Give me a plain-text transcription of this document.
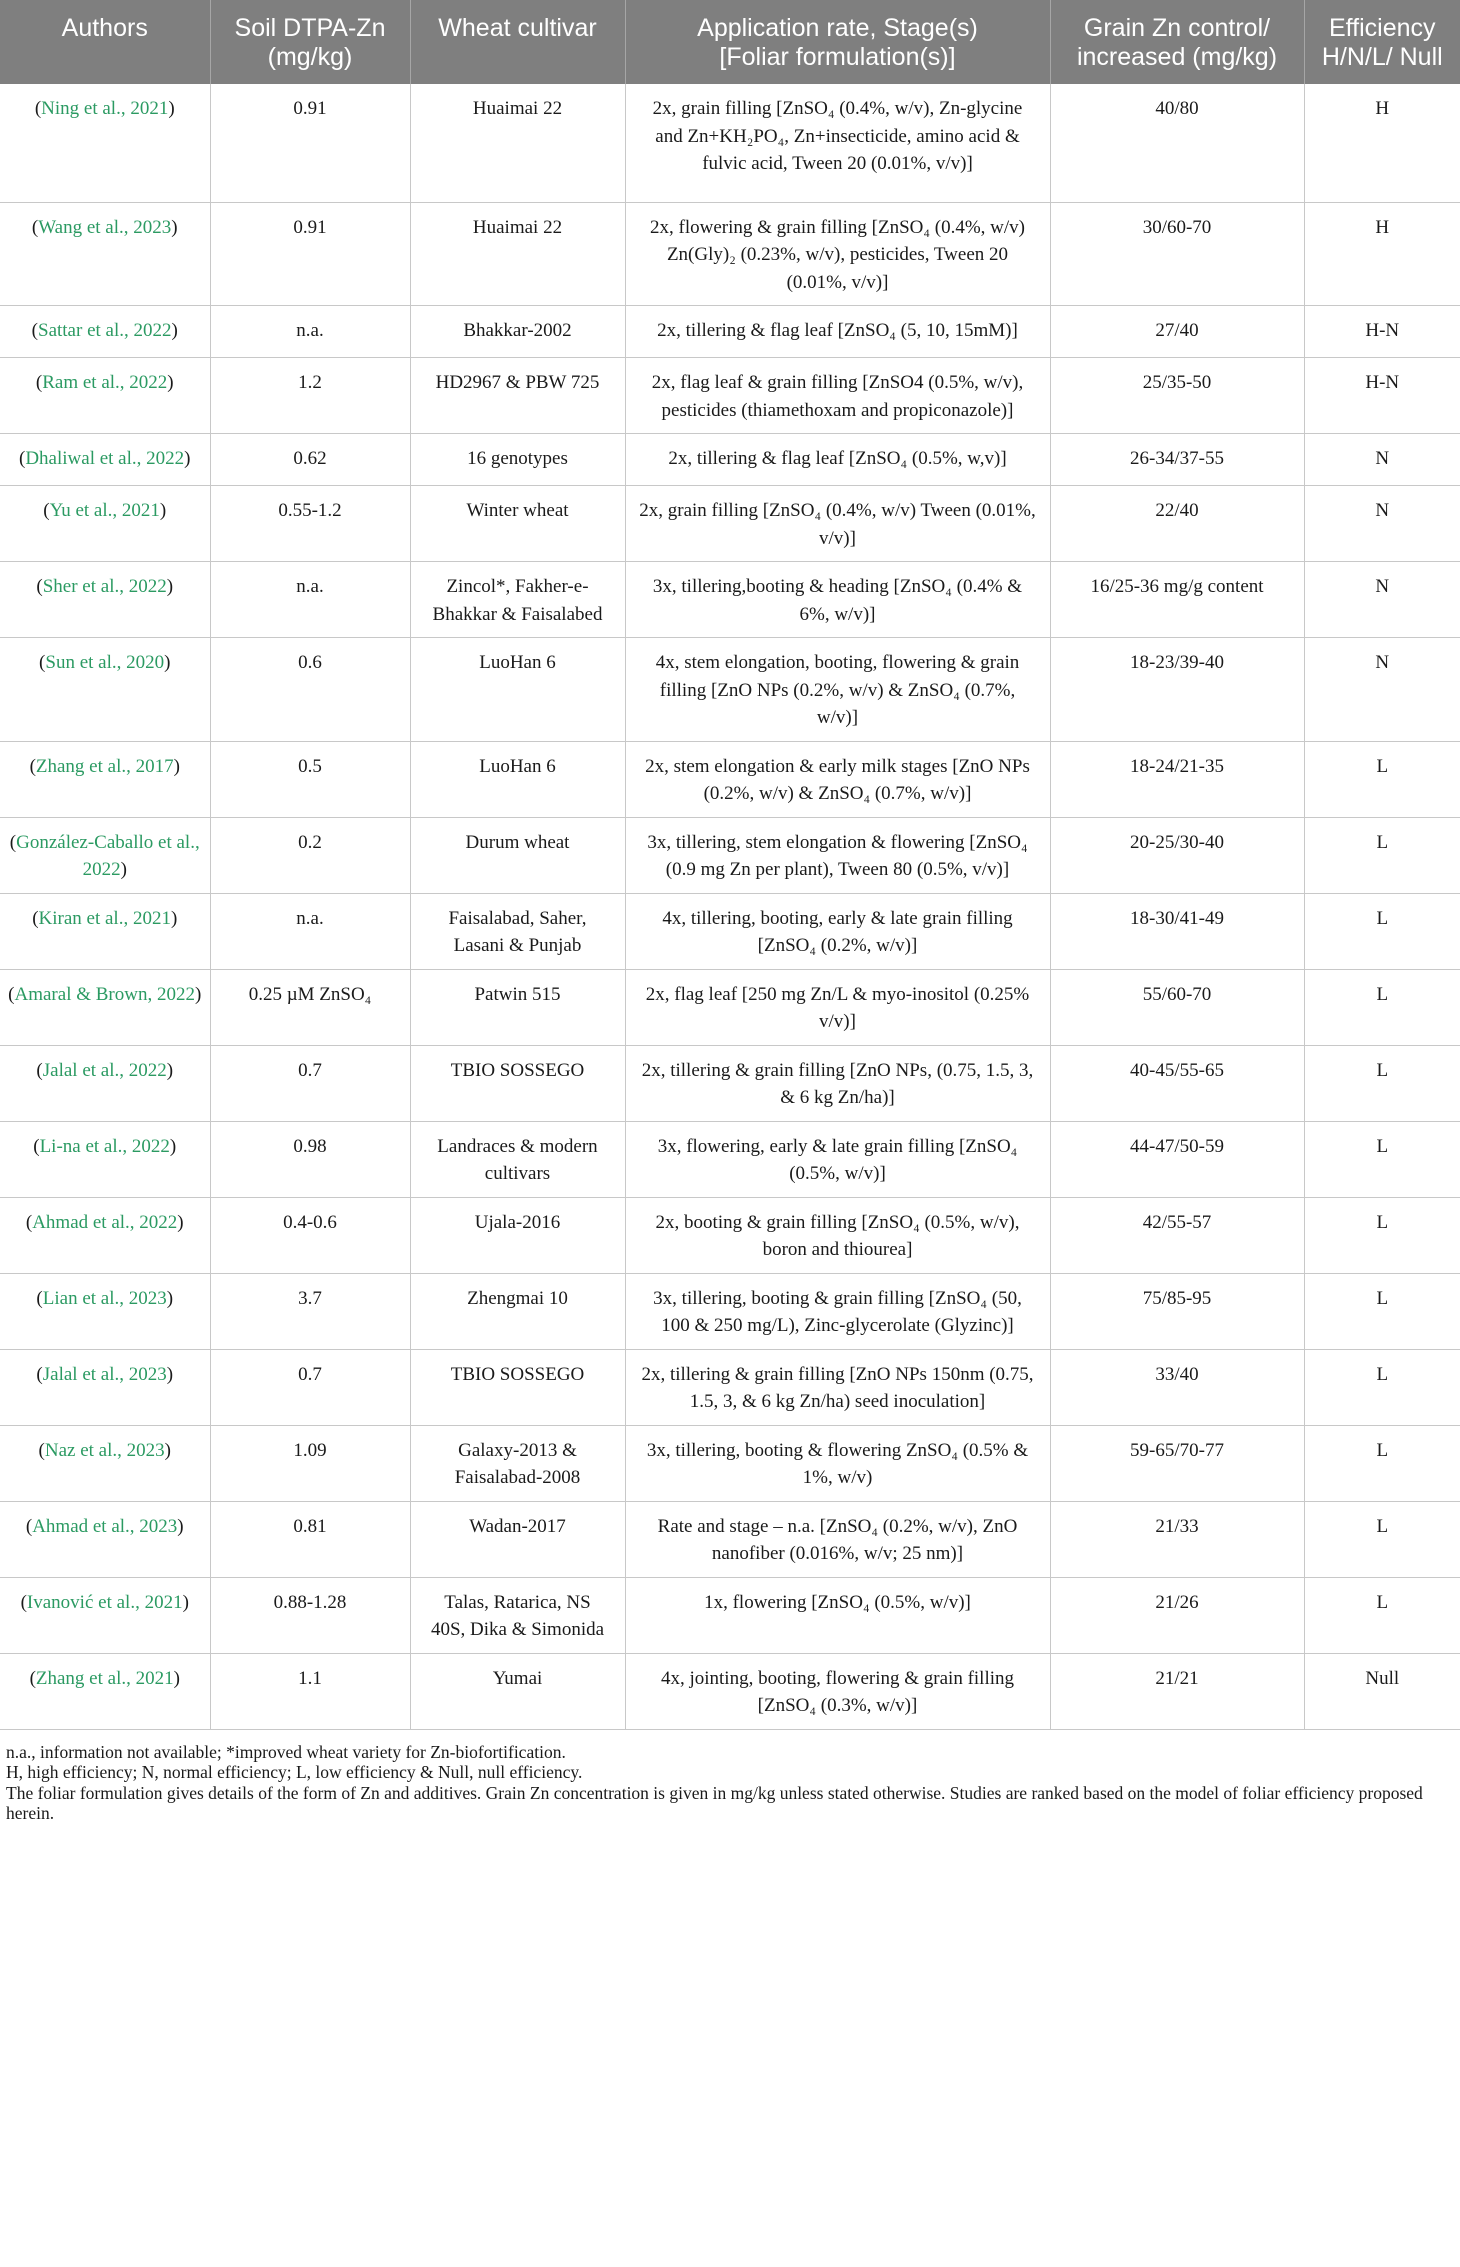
Authors	Soil DTPA-Zn (mg/kg)	Wheat cultivar	Application rate, Stage(s) [Foliar formulation(s)]	Grain Zn control/ increased (mg/kg)	Efficiency H/N/L/ Null
(Ning et al., 2021)	0.91	Huaimai 22	2x, grain filling [ZnSO₄ (0.4%, w/v), Zn-glycine and Zn+KH₂PO₄, Zn+insecticide, amino acid & fulvic acid, Tween 20 (0.01%, v/v)]	40/80	H
(Wang et al., 2023)	0.91	Huaimai 22	2x, flowering & grain filling [ZnSO₄ (0.4%, w/v) Zn(Gly)₂ (0.23%, w/v), pesticides, Tween 20 (0.01%, v/v)]	30/60-70	H
(Sattar et al., 2022)	n.a.	Bhakkar-2002	2x, tillering & flag leaf [ZnSO₄ (5, 10, 15mM)]	27/40	H-N
(Ram et al., 2022)	1.2	HD2967 & PBW 725	2x, flag leaf & grain filling [ZnSO4 (0.5%, w/v), pesticides (thiamethoxam and propiconazole)]	25/35-50	H-N
(Dhaliwal et al., 2022)	0.62	16 genotypes	2x, tillering & flag leaf [ZnSO₄ (0.5%, w,v)]	26-34/37-55	N
(Yu et al., 2021)	0.55-1.2	Winter wheat	2x, grain filling [ZnSO₄ (0.4%, w/v) Tween (0.01%, v/v)]	22/40	N
(Sher et al., 2022)	n.a.	Zincol*, Fakher-e-Bhakkar & Faisalabed	3x, tillering,booting & heading [ZnSO₄ (0.4% & 6%, w/v)]	16/25-36 mg/g content	N
(Sun et al., 2020)	0.6	LuoHan 6	4x, stem elongation, booting, flowering & grain filling [ZnO NPs (0.2%, w/v) & ZnSO₄ (0.7%, w/v)]	18-23/39-40	N
(Zhang et al., 2017)	0.5	LuoHan 6	2x, stem elongation & early milk stages [ZnO NPs (0.2%, w/v) & ZnSO₄ (0.7%, w/v)]	18-24/21-35	L
(González-Caballo et al., 2022)	0.2	Durum wheat	3x, tillering, stem elongation & flowering [ZnSO₄ (0.9 mg Zn per plant), Tween 80 (0.5%, v/v)]	20-25/30-40	L
(Kiran et al., 2021)	n.a.	Faisalabad, Saher, Lasani & Punjab	4x, tillering, booting, early & late grain filling [ZnSO₄ (0.2%, w/v)]	18-30/41-49	L
(Amaral & Brown, 2022)	0.25 µM ZnSO₄	Patwin 515	2x, flag leaf [250 mg Zn/L & myo-inositol (0.25% v/v)]	55/60-70	L
(Jalal et al., 2022)	0.7	TBIO SOSSEGO	2x, tillering & grain filling [ZnO NPs, (0.75, 1.5, 3, & 6 kg Zn/ha)]	40-45/55-65	L
(Li-na et al., 2022)	0.98	Landraces & modern cultivars	3x, flowering, early & late grain filling [ZnSO₄ (0.5%, w/v)]	44-47/50-59	L
(Ahmad et al., 2022)	0.4-0.6	Ujala-2016	2x, booting & grain filling [ZnSO₄ (0.5%, w/v), boron and thiourea]	42/55-57	L
(Lian et al., 2023)	3.7	Zhengmai 10	3x, tillering, booting & grain filling [ZnSO₄ (50, 100 & 250 mg/L), Zinc-glycerolate (Glyzinc)]	75/85-95	L
(Jalal et al., 2023)	0.7	TBIO SOSSEGO	2x, tillering & grain filling [ZnO NPs 150nm (0.75, 1.5, 3, & 6 kg Zn/ha) seed inoculation]	33/40	L
(Naz et al., 2023)	1.09	Galaxy-2013 & Faisalabad-2008	3x, tillering, booting & flowering ZnSO₄ (0.5% & 1%, w/v)	59-65/70-77	L
(Ahmad et al., 2023)	0.81	Wadan-2017	Rate and stage – n.a. [ZnSO₄ (0.2%, w/v), ZnO nanofiber (0.016%, w/v; 25 nm)]	21/33	L
(Ivanović et al., 2021)	0.88-1.28	Talas, Ratarica, NS 40S, Dika & Simonida	1x, flowering [ZnSO₄ (0.5%, w/v)]	21/26	L
(Zhang et al., 2021)	1.1	Yumai	4x, jointing, booting, flowering & grain filling [ZnSO₄ (0.3%, w/v)]	21/21	Null
n.a., information not available; *improved wheat variety for Zn-biofortification.
H, high efficiency; N, normal efficiency; L, low efficiency & Null, null efficiency.
The foliar formulation gives details of the form of Zn and additives. Grain Zn concentration is given in mg/kg unless stated otherwise. Studies are ranked based on the model of foliar efficiency proposed herein.
